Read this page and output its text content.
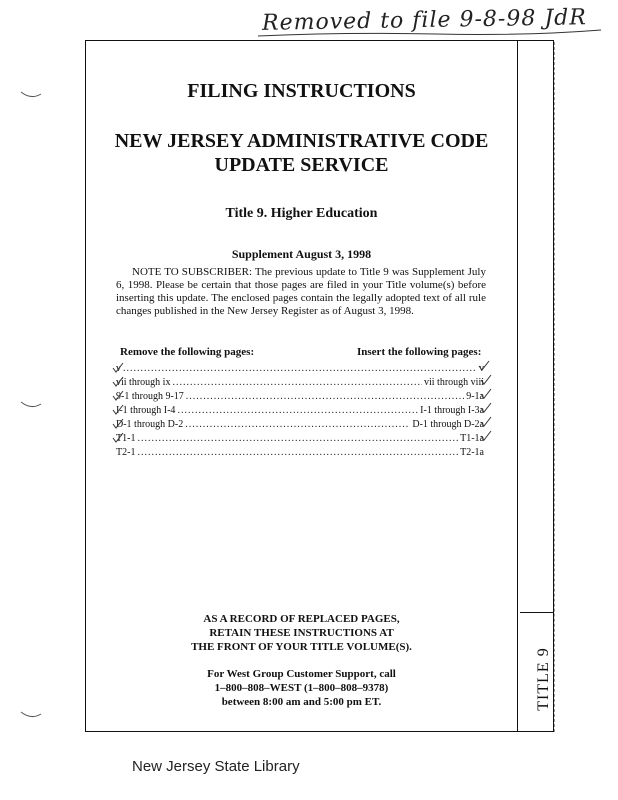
Removed to file 9-8-98 JdR
TITLE 9
FILING INSTRUCTIONS
NEW JERSEY ADMINISTRATIVE CODE
UPDATE SERVICE
Title 9. Higher Education
Supplement August 3, 1998
NOTE TO SUBSCRIBER: The previous update to Title 9 was Supplement July 6, 1998. Please be certain that those pages are filed in your Title volume(s) before inserting this update. The enclosed pages contain the legally adopted text of all rule changes published in the New Jersey Register as of August 3, 1998.
Remove the following pages:	Insert the following pages:
v .....	v
vii through ix .....	vii through viii
9-1 through 9-17 .....	9-1a
I-1 through I-4 .....	I-1 through I-3a
D-1 through D-2 .....	D-1 through D-2a
T1-1 .....	T1-1a
T2-1 .....	T2-1a
AS A RECORD OF REPLACED PAGES,
RETAIN THESE INSTRUCTIONS AT
THE FRONT OF YOUR TITLE VOLUME(S).
For West Group Customer Support, call
1–800–808–WEST (1–800–808–9378)
between 8:00 am and 5:00 pm ET.
New Jersey State Library
